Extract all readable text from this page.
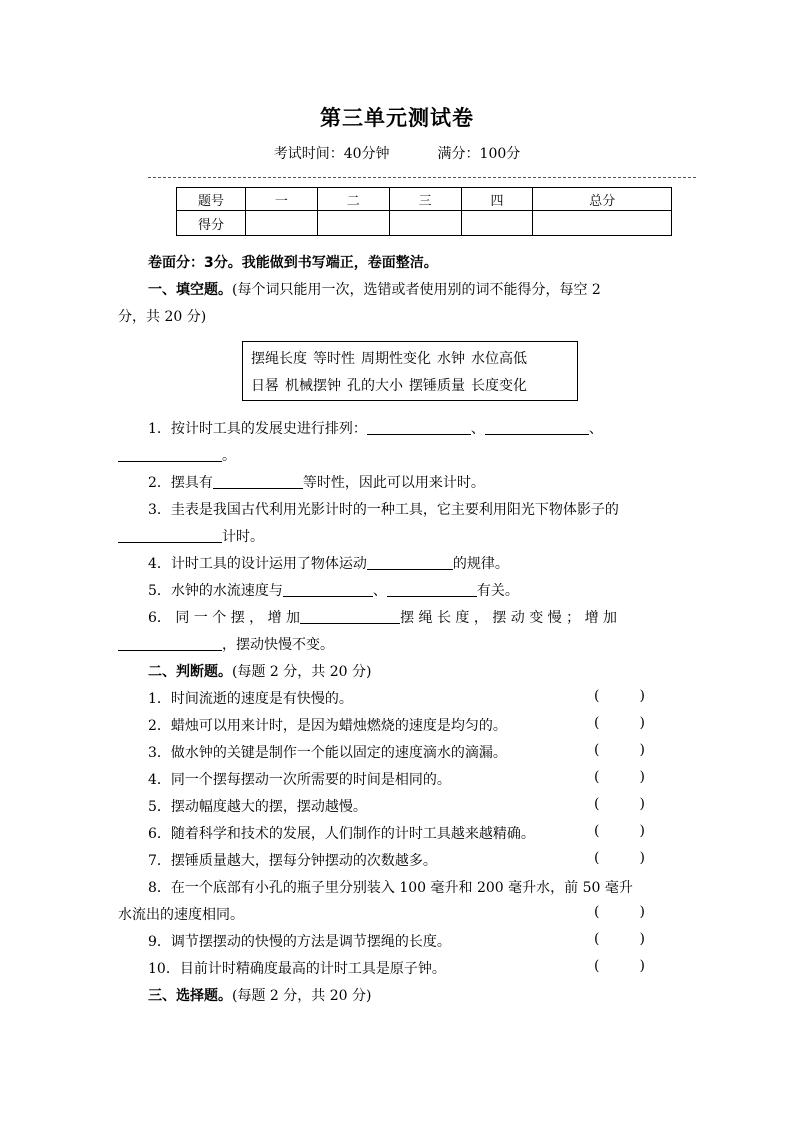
第三单元测试卷
考试时间：40分钟	满分：100分
题号	一	二	三	四	总分
得分					
卷面分：3分。我能做到书写端正，卷面整洁。
一、填空题。(每个词只能用一次，选错或者使用别的词不能得分，每空 2
分，共 20 分)
摆绳长度 等时性 周期性变化 水钟 水位高低
日晷 机械摆钟 孔的大小 摆锤质量 长度变化
1．按计时工具的发展史进行排列：	、	、
。
2．摆具有	等时性，因此可以用来计时。
3．圭表是我国古代利用光影计时的一种工具，它主要利用阳光下物体影子的
计时。
4．计时工具的设计运用了物体运动	的规律。
5．水钟的水流速度与	、	有关。
6． 同 一 个 摆 ， 增 加	摆 绳 长 度 ， 摆 动 变 慢 ； 增 加
，摆动快慢不变。
二、判断题。(每题 2 分，共 20 分)
1．时间流逝的速度是有快慢的。	(	)
2．蜡烛可以用来计时，是因为蜡烛燃烧的速度是均匀的。	(	)
3．做水钟的关键是制作一个能以固定的速度滴水的滴漏。	(	)
4．同一个摆每摆动一次所需要的时间是相同的。	(	)
5．摆动幅度越大的摆，摆动越慢。	(	)
6．随着科学和技术的发展，人们制作的计时工具越来越精确。	(	)
7．摆锤质量越大，摆每分钟摆动的次数越多。	(	)
8．在一个底部有小孔的瓶子里分别装入 100 毫升和 200 毫升水，前 50 毫升
水流出的速度相同。	(	)
9．调节摆摆动的快慢的方法是调节摆绳的长度。	(	)
10．目前计时精确度最高的计时工具是原子钟。	(	)
三、选择题。(每题 2 分，共 20 分)
